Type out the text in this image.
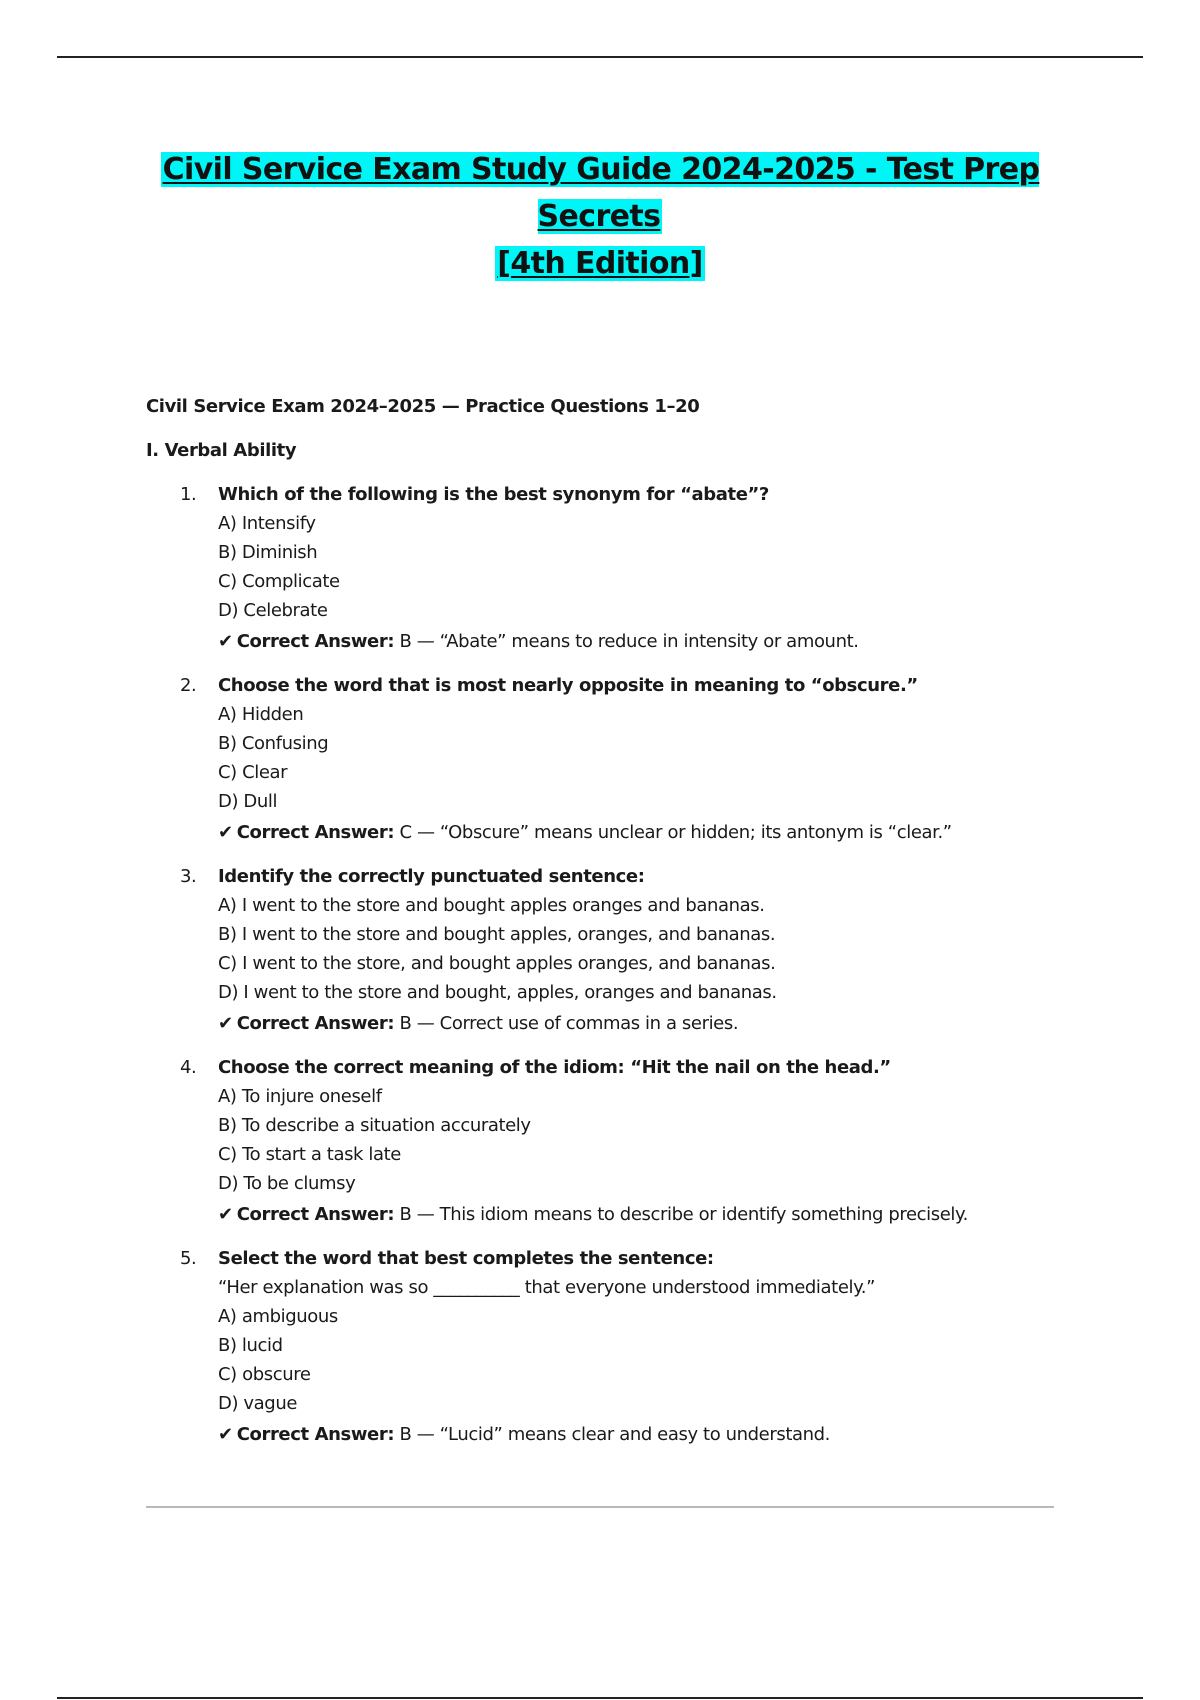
Civil Service Exam Study Guide 2024-2025 - Test Prep Secrets
[4th Edition]
Civil Service Exam 2024–2025 — Practice Questions 1–20
I. Verbal Ability
1.	Which of the following is the best synonym for “abate”?
A) Intensify
B) Diminish
C) Complicate
D) Celebrate
✔ Correct Answer: B — “Abate” means to reduce in intensity or amount.
2.	Choose the word that is most nearly opposite in meaning to “obscure.”
A) Hidden
B) Confusing
C) Clear
D) Dull
✔ Correct Answer: C — “Obscure” means unclear or hidden; its antonym is “clear.”
3.	Identify the correctly punctuated sentence:
A) I went to the store and bought apples oranges and bananas.
B) I went to the store and bought apples, oranges, and bananas.
C) I went to the store, and bought apples oranges, and bananas.
D) I went to the store and bought, apples, oranges and bananas.
✔ Correct Answer: B — Correct use of commas in a series.
4.	Choose the correct meaning of the idiom: “Hit the nail on the head.”
A) To injure oneself
B) To describe a situation accurately
C) To start a task late
D) To be clumsy
✔ Correct Answer: B — This idiom means to describe or identify something precisely.
5.	Select the word that best completes the sentence:
“Her explanation was so __________ that everyone understood immediately.”
A) ambiguous
B) lucid
C) obscure
D) vague
✔ Correct Answer: B — “Lucid” means clear and easy to understand.
